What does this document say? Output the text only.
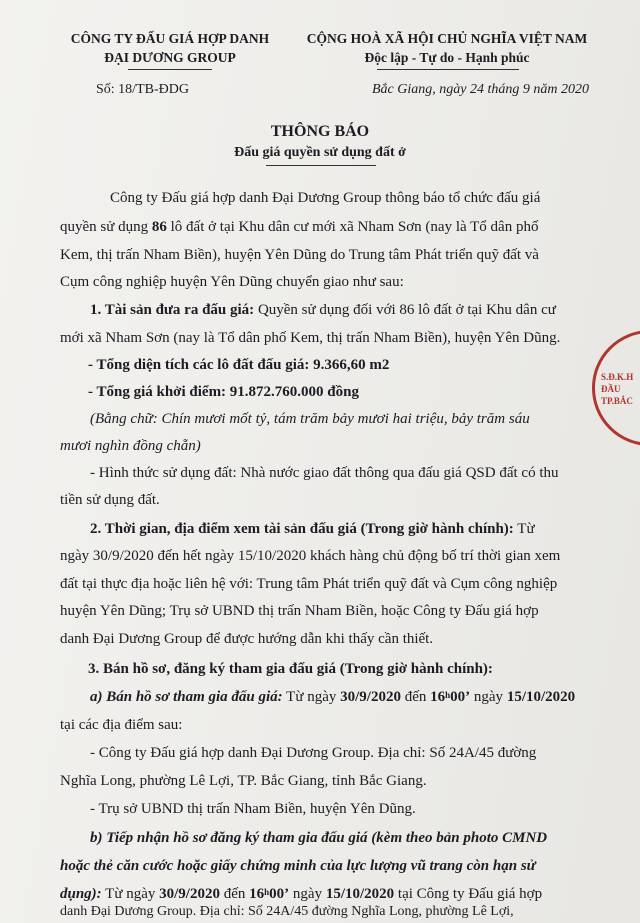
CÔNG TY ĐẤU GIÁ HỢP DANH
ĐẠI DƯƠNG GROUP
Số: 18/TB-ĐDG
CỘNG HOÀ XÃ HỘI CHỦ NGHĨA VIỆT NAM
Độc lập - Tự do - Hạnh phúc
Bắc Giang, ngày 24 tháng 9 năm 2020
THÔNG BÁO
Đấu giá quyền sử dụng đất ở
Công ty Đấu giá hợp danh Đại Dương Group thông báo tổ chức đấu giá
quyền sử dụng 86 lô đất ở tại Khu dân cư mới xã Nham Sơn (nay là Tổ dân phố
Kem, thị trấn Nham Biền), huyện Yên Dũng do Trung tâm Phát triển quỹ đất và
Cụm công nghiệp huyện Yên Dũng chuyển giao như sau:
1. Tài sản đưa ra đấu giá: Quyền sử dụng đối với 86 lô đất ở tại Khu dân cư
mới xã Nham Sơn (nay là Tổ dân phố Kem, thị trấn Nham Biền), huyện Yên Dũng.
- Tổng diện tích các lô đất đấu giá: 9.366,60 m2
- Tổng giá khởi điểm: 91.872.760.000 đồng
(Bằng chữ: Chín mươi mốt tỷ, tám trăm bảy mươi hai triệu, bảy trăm sáu
mươi nghìn đồng chẵn)
- Hình thức sử dụng đất: Nhà nước giao đất thông qua đấu giá QSD đất có thu
tiền sử dụng đất.
2. Thời gian, địa điểm xem tài sản đấu giá (Trong giờ hành chính): Từ
ngày 30/9/2020 đến hết ngày 15/10/2020 khách hàng chủ động bố trí thời gian xem
đất tại thực địa hoặc liên hệ với: Trung tâm Phát triển quỹ đất và Cụm công nghiệp
huyện Yên Dũng; Trụ sở UBND thị trấn Nham Biền, hoặc Công ty Đấu giá hợp
danh Đại Dương Group để được hướng dẫn khi thấy cần thiết.
3. Bán hồ sơ, đăng ký tham gia đấu giá (Trong giờ hành chính):
a) Bán hồ sơ tham gia đấu giá: Từ ngày 30/9/2020 đến 16$^h$00’ ngày 15/10/2020
tại các địa điểm sau:
- Công ty Đấu giá hợp danh Đại Dương Group. Địa chỉ: Số 24A/45 đường
Nghĩa Long, phường Lê Lợi, TP. Bắc Giang, tỉnh Bắc Giang.
- Trụ sở UBND thị trấn Nham Biền, huyện Yên Dũng.
b) Tiếp nhận hồ sơ đăng ký tham gia đấu giá (kèm theo bản photo CMND
hoặc thẻ căn cước hoặc giấy chứng minh của lực lượng vũ trang còn hạn sử
dụng): Từ ngày 30/9/2020 đến 16$^h$00’ ngày 15/10/2020 tại Công ty Đấu giá hợp
danh Đại Dương Group. Địa chỉ: Số 24A/45 đường Nghĩa Long, phường Lê Lợi,
S.Đ.K.H
ĐẦU
TP.BẮC
